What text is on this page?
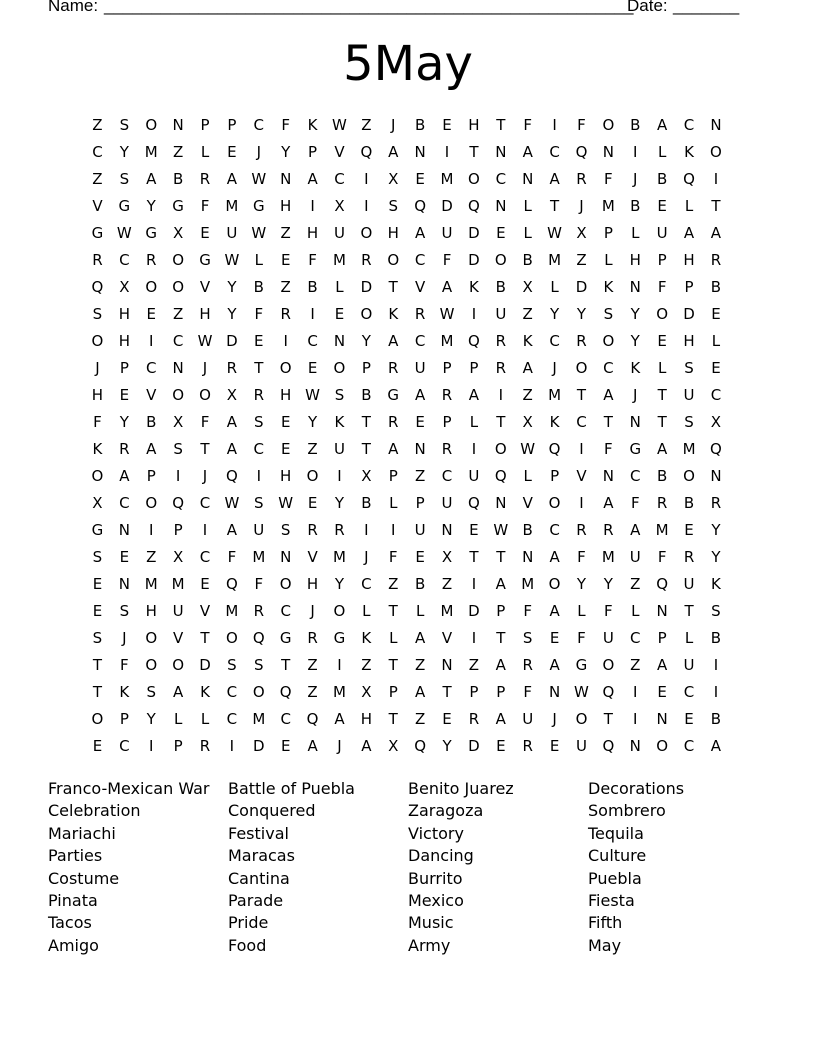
Name: ________________________________________________________
Date: _______
5May
Z	S	O	N	P	P	C	F	K W Z	J	B	E	H	T	F	I	F	O	B	A	C	N
C	Y	M	Z	L	E	J	Y	P	V	Q	A	N	I	T	N	A	C	Q	N	I	L	K	O
Z	S	A	B	R	A W N	A	C	I	X	E	M O	C	N	A	R	F	J	B	Q	I
V	G	Y	G	F	M G	H	I	X	I	S	Q	D	Q	N	L	T	J	M	B	E	L	T
G W G	X	E	U W Z	H	U	O	H	A	U	D	E	L	W X	P	L	U	A	A
R	C	R	O	G W	L	E	F	M	R	O	C	F	D	O	B	M	Z	L	H	P	H	R
Q	X	O	O	V	Y	B	Z	B	L	D	T	V	A	K	B	X	L	D	K	N	F	P	B
S	H	E	Z	H	Y	F	R	I	E	O	K	R W	I	U	Z	Y	Y	S	Y	O	D	E
O	H	I	C W D	E	I	C	N	Y	A	C	M Q	R	K	C	R	O	Y	E	H	L
J	P	C	N	J	R	T	O	E	O	P	R	U	P	P	R	A	J	O	C	K	L	S	E
H	E	V	O	O	X	R	H W S	B	G	A	R	A	I	Z	M	T	A	J	T	U	C
F	Y	B	X	F	A	S	E	Y	K	T	R	E	P	L	T	X	K	C	T	N	T	S	X
K	R	A	S	T	A	C	E	Z	U	T	A	N	R	I	O W Q	I	F	G	A	M Q
O	A	P	I	J	Q	I	H	O	I	X	P	Z	C	U	Q	L	P	V	N	C	B	O	N
X	C	O	Q	C W S W E	Y	B	L	P	U	Q	N	V	O	I	A	F	R	B	R
G	N	I	P	I	A	U	S	R	R	I	I	U	N	E W B	C	R	R	A	M	E	Y
S	E	Z	X	C	F	M N	V	M	J	F	E	X	T	T	N	A	F	M U	F	R	Y
E	N M M	E	Q	F	O	H	Y	C	Z	B	Z	I	A	M O	Y	Y	Z	Q	U	K
E	S	H	U	V	M	R	C	J	O	L	T	L	M D	P	F	A	L	F	L	N	T	S
S	J	O	V	T	O	Q	G	R	G	K	L	A	V	I	T	S	E	F	U	C	P	L	B
T	F	O	O	D	S	S	T	Z	I	Z	T	Z	N	Z	A	R	A	G	O	Z	A	U	I
T	K	S	A	K	C	O	Q	Z	M	X	P	A	T	P	P	F	N W Q	I	E	C	I
O	P	Y	L	L	C	M	C	Q	A	H	T	Z	E	R	A	U	J	O	T	I	N	E	B
E	C	I	P	R	I	D	E	A	J	A	X	Q	Y	D	E	R	E	U	Q	N	O	C	A
Franco-Mexican War	Battle of Puebla	Benito Juarez	Decorations
Celebration	Conquered	Zaragoza	Sombrero
Mariachi	Festival	Victory	Tequila
Parties	Maracas	Dancing	Culture
Costume	Cantina	Burrito	Puebla
Pinata	Parade	Mexico	Fiesta
Tacos	Pride	Music	Fifth
Amigo	Food	Army	May
